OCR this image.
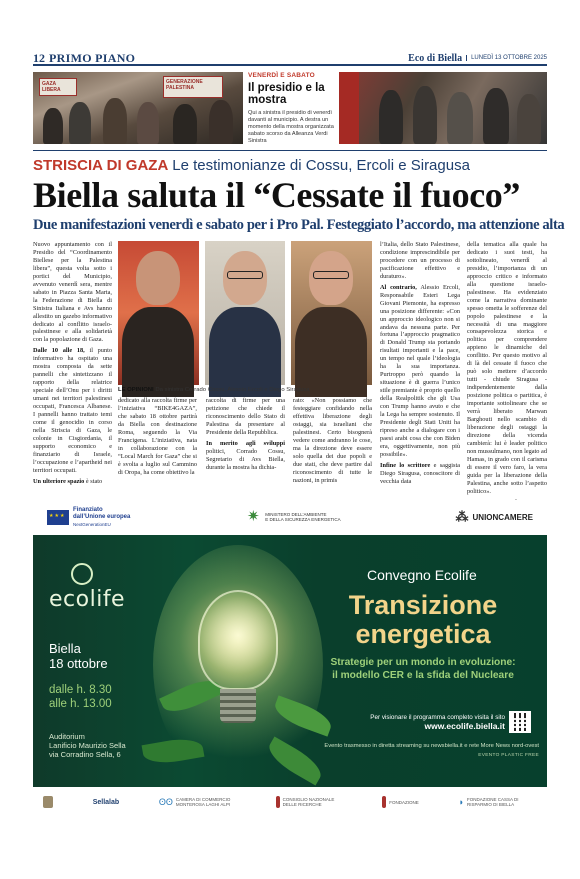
12 PRIMO PIANO	Eco di Biella	LUNEDÌ 13 OTTOBRE 2025
GAZA LIBERA
GENERAZIONE PALESTINA
VENERDÌ E SABATO
Il presidio e la mostra
Qui a sinistra il presidio di venerdì davanti al municipio. A destra un momento della mostra organizzata sabato scorso da Alleanza Verdi Sinistra
STRISCIA DI GAZA Le testimonianze di Cossu, Ercoli e Siragusa
Biella saluta il “Cessate il fuoco”
Due manifestazioni venerdì e sabato per i Pro Pal. Festeggiato l’accordo, ma attenzione alta

Nuovo appuntamento con il Presidio del “Coordinamento Biellese per la Palestina libera”, questa volta sotto i portici del Municipio, avvenuto venerdì sera, mentre sabato in Piazza Santa Marta, la Federazione di Biella di Sinistra Italiana e Avs hanno allestito un gazebo informativo dedicato al conflitto israelo-palestinese e alla solidarietà con la popolazione di Gaza.

Dalle 10 alle 18, il punto informativo ha ospitato una mostra composta da sette pannelli che sintetizzano il rapporto della relatrice speciale dell’Onu per i diritti umani nei territori palestinesi occupati, Francesca Albanese. I pannelli hanno trattato temi come il genocidio in corso nella Striscia di Gaza, le colonie in Cisgiordania, il supporto economico e finanziario di Israele, l’occupazione e l’apartheid nei territori occupati.

Un ulteriore spazio è stato

LE OPINIONI Da sinistra Corrado Cossu, Alessio Ercoli e Diego Siragusa

dedicato alla raccolta firme per l’iniziativa “BIKE4GAZA”, che sabato 18 ottobre partirà da Biella con destinazione Roma, seguendo la Via Francigena. L’iniziativa, nata in collaborazione con la “Local March for Gaza” che si è svolta a luglio sul Cammino di Oropa, ha come obiettivo la

raccolta di firme per una petizione che chiede il riconoscimento dello Stato di Palestina da presentare al Presidente della Repubblica.

In merito agli sviluppi politici, Corrado Cossu, Segretario di Avs Biella, durante la mostra ha dichia-

rato: «Non possiamo che festeggiare confidando nella effettiva liberazione degli ostaggi, sia israeliani che palestinesi. Certo bisognerà vedere come andranno le cose, ma la direzione deve essere solo quella dei due popoli e due stati, che deve partire dal riconoscimento di tutte le nazioni, in primis

l’Italia, dello Stato Palestinese, condizione imprescindibile per procedere con un processo di pacificazione effettivo e duraturo».

Al contrario, Alessio Ercoli, Responsabile Esteri Lega Giovani Piemonte, ha espresso una posizione differente: «Con un approccio ideologico non si andava da nessuna parte. Per fortuna l’approccio pragmatico di Donald Trump sta portando risultati importanti e la pace, un tempo nel quale l’ideologia ha la sua importanza. Purtroppo però quando la situazione è di guerra l’unico stile premiante è proprio quello della Realpolitik che gli Usa con Trump hanno avuto e che la Lega ha sempre sostenuto. Il Presidente degli Stati Uniti ha ripreso anche a dialogare con i paesi arabi cosa che con Biden era, oggettivamente, non più possibile».

Infine lo scrittore e saggista Diego Siragusa, conoscitore di vecchia data

della tematica alla quale ha dedicato i suoi testi, ha sottolineato, venerdì al presidio, l’importanza di un approccio critico e informato alla questione israelo-palestinese. Ha evidenziato come la narrativa dominante spesso ometta le sofferenze del popolo palestinese e la necessità di una maggiore consapevolezza storica e politica per comprendere appieno le dinamiche del conflitto. Per questo motivo al di là del cessate il fuoco che può solo mettere d’accordo tutti - chiude Siragusa - indipendentemente dalla posizione politica o partitica, è importante sottolineare che se verrà liberato Marwan Barghouti nello scambio di liberazione degli ostaggi la direzione della vicenda cambierà: lui è leader politico non mussulmano, non legato ad Hamas, in grado con il carisma di essere il vero faro, la vera guida per la liberazione della Palestina, anche sotto l’aspetto politico».

★★★
Finanziato
dall’Unione europea
NextGenerationEU	✷	MINISTERO DELL’AMBIENTE
E DELLA SICUREZZA ENERGETICA	⁂ UNIONCAMERE
ecolife
Biella
18 ottobre
dalle h. 8.30
alle h. 13.00
Auditorium
Lanificio Maurizio Sella
via Corradino Sella, 6
Convegno Ecolife
Transizione
energetica
Strategie per un mondo in evoluzione:
il modello CER e la sfida del Nucleare
Per visionare il programma completo visita il sito
www.ecolife.biella.it
Evento trasmesso in diretta streaming su newsbiella.it e rete More News nord-ovest
EVENTO PLASTIC FREE
Sellalab	ʘʘ CAMERA DI COMMERCIO MONTEROSA LAGHI ALPI
CONSIGLIO NAZIONALE DELLE RICERCHE	FONDAZIONE	◗ FONDAZIONE CASSA DI RISPARMIO DI BIELLA
